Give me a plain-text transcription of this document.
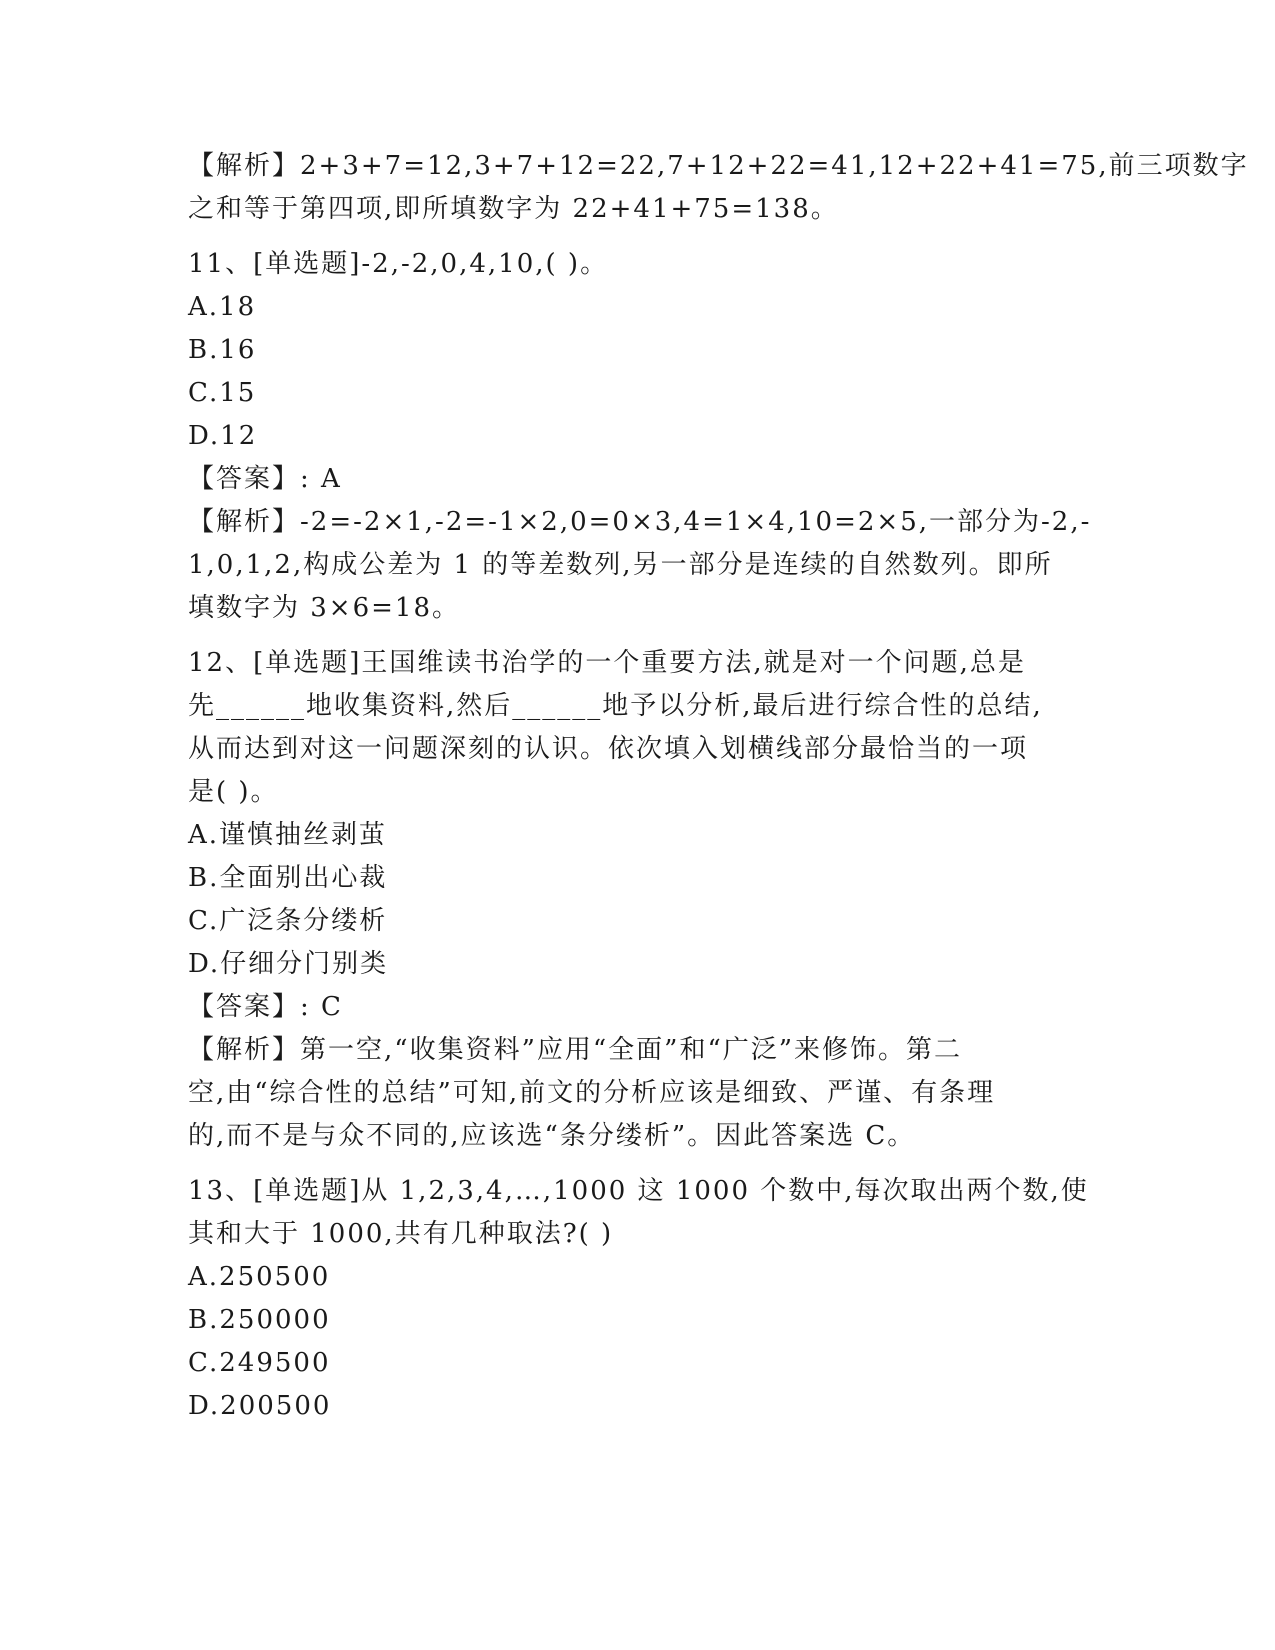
【解析】2+3+7=12,3+7+12=22,7+12+22=41,12+22+41=75,前三项数字
之和等于第四项,即所填数字为 22+41+75=138。
11、[单选题]-2,-2,0,4,10,( )。
A.18
B.16
C.15
D.12
【答案】: A
【解析】-2=-2×1,-2=-1×2,0=0×3,4=1×4,10=2×5,一部分为-2,-
1,0,1,2,构成公差为 1 的等差数列,另一部分是连续的自然数列。即所
填数字为 3×6=18。
12、[单选题]王国维读书治学的一个重要方法,就是对一个问题,总是
先______地收集资料,然后______地予以分析,最后进行综合性的总结,
从而达到对这一问题深刻的认识。依次填入划横线部分最恰当的一项
是( )。
A.谨慎抽丝剥茧
B.全面别出心裁
C.广泛条分缕析
D.仔细分门别类
【答案】: C
【解析】第一空,“收集资料”应用“全面”和“广泛”来修饰。第二
空,由“综合性的总结”可知,前文的分析应该是细致、严谨、有条理
的,而不是与众不同的,应该选“条分缕析”。因此答案选 C。
13、[单选题]从 1,2,3,4,…,1000 这 1000 个数中,每次取出两个数,使
其和大于 1000,共有几种取法?( )
A.250500
B.250000
C.249500
D.200500
